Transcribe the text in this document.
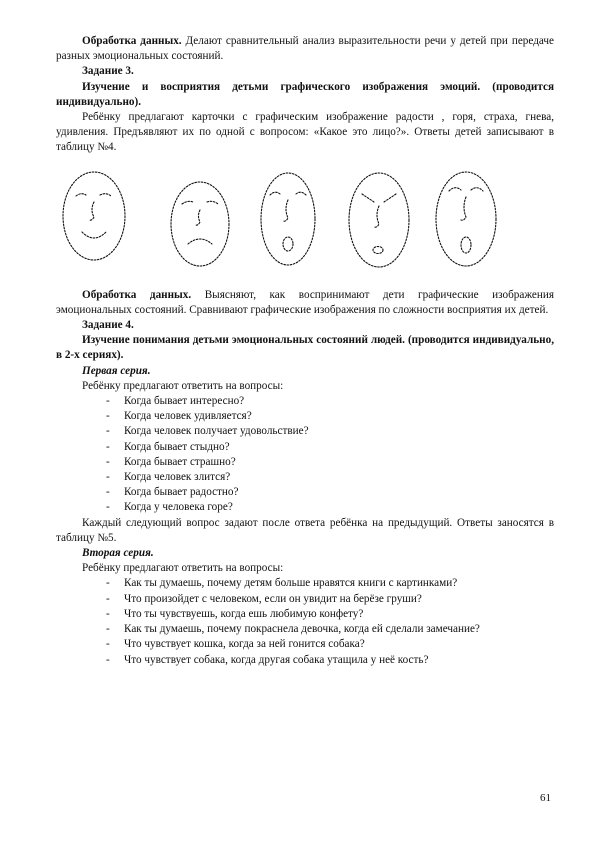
Обработка данных. Делают сравнительный анализ выразительности речи у детей при передаче разных эмоциональных состояний.

Задание 3.

Изучение и восприятия детьми графического изображения эмоций. (проводится индивидуально).

Ребёнку предлагают карточки с графическим изображение радости , горя, страха, гнева, удивления. Предъявляют их по одной с вопросом: «Какое это лицо?». Ответы детей записывают в таблицу №4.

Обработка данных. Выясняют, как воспринимают дети графические изображения эмоциональных состояний. Сравнивают графические изображения по сложности восприятия их детей.

Задание 4.

Изучение понимания детьми эмоциональных состояний людей. (проводится индивидуально, в 2-х сериях).

Первая серия.

Ребёнку предлагают ответить на вопросы:

- Когда бывает интересно?
- Когда человек удивляется?
- Когда человек получает удовольствие?
- Когда бывает стыдно?
- Когда бывает страшно?
- Когда человек злится?
- Когда бывает радостно?
- Когда у человека горе?

Каждый следующий вопрос задают после ответа ребёнка на предыдущий. Ответы заносятся в таблицу №5.

Вторая серия.

Ребёнку предлагают ответить на вопросы:

- Как ты думаешь, почему детям больше нравятся книги с картинками?
- Что произойдет с человеком, если он увидит на берёзе груши?
- Что ты чувствуешь, когда ешь любимую конфету?
- Как ты думаешь, почему покраснела девочка, когда ей сделали замечание?
- Что чувствует кошка, когда за ней гонится собака?
- Что чувствует собака, когда другая собака утащила у неё кость?
61
